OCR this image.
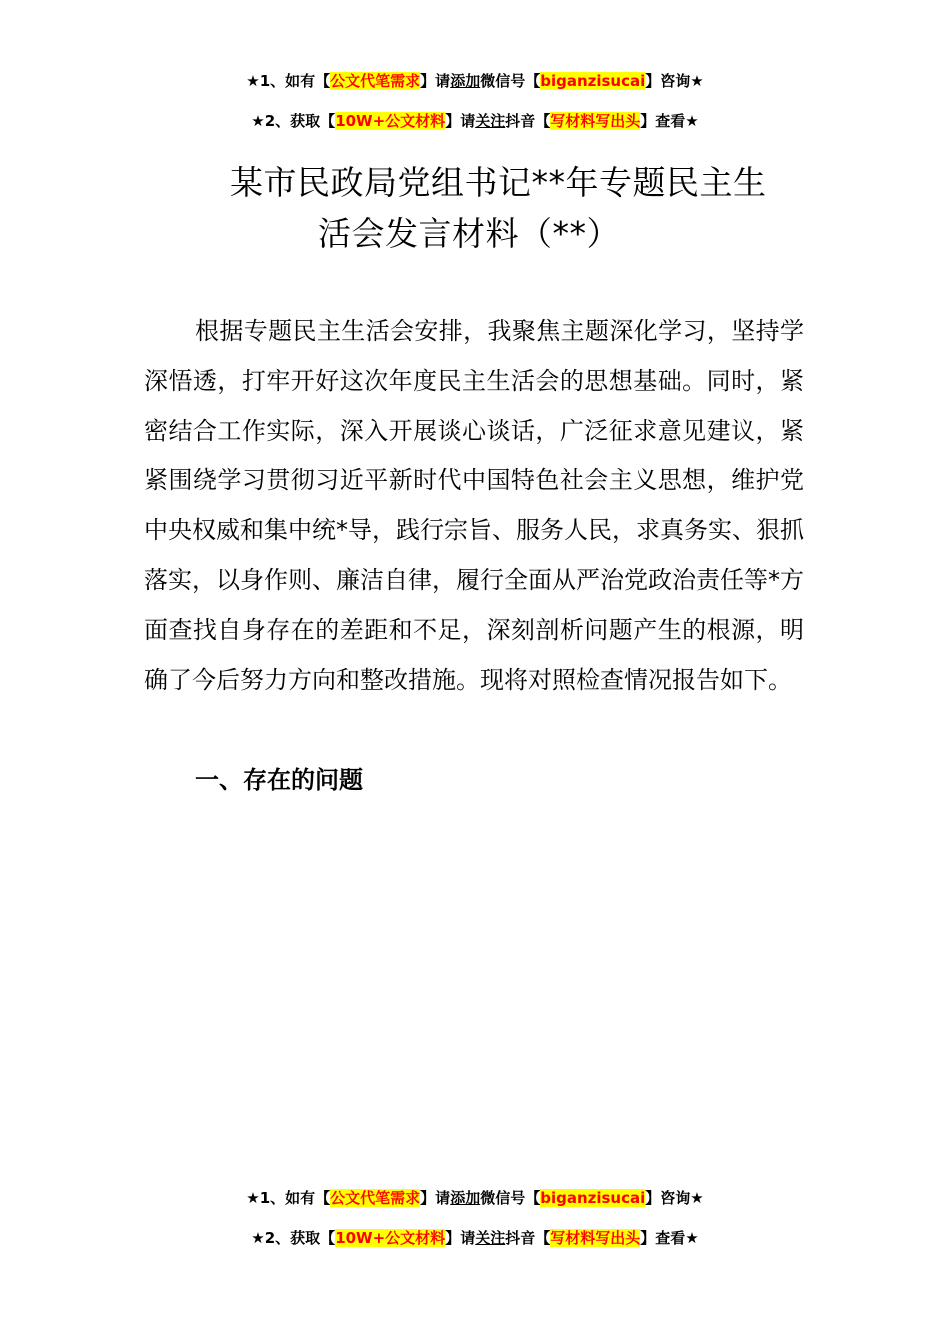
★1、如有【公文代笔需求】请添加微信号【biganzisucai】咨询★
★2、获取【10W+公文材料】请关注抖音【写材料写出头】查看★
某市民政局党组书记**年专题民主生
活会发言材料（**）

根据专题民主生活会安排，我聚焦主题深化学习，坚持学深悟透，打牢开好这次年度民主生活会的思想基础。同时，紧密结合工作实际，深入开展谈心谈话，广泛征求意见建议，紧紧围绕学习贯彻习近平新时代中国特色社会主义思想，维护党中央权威和集中统*导，践行宗旨、服务人民，求真务实、狠抓落实，以身作则、廉洁自律，履行全面从严治党政治责任等*方面查找自身存在的差距和不足，深刻剖析问题产生的根源，明确了今后努力方向和整改措施。现将对照检查情况报告如下。

一、存在的问题
★1、如有【公文代笔需求】请添加微信号【biganzisucai】咨询★
★2、获取【10W+公文材料】请关注抖音【写材料写出头】查看★
